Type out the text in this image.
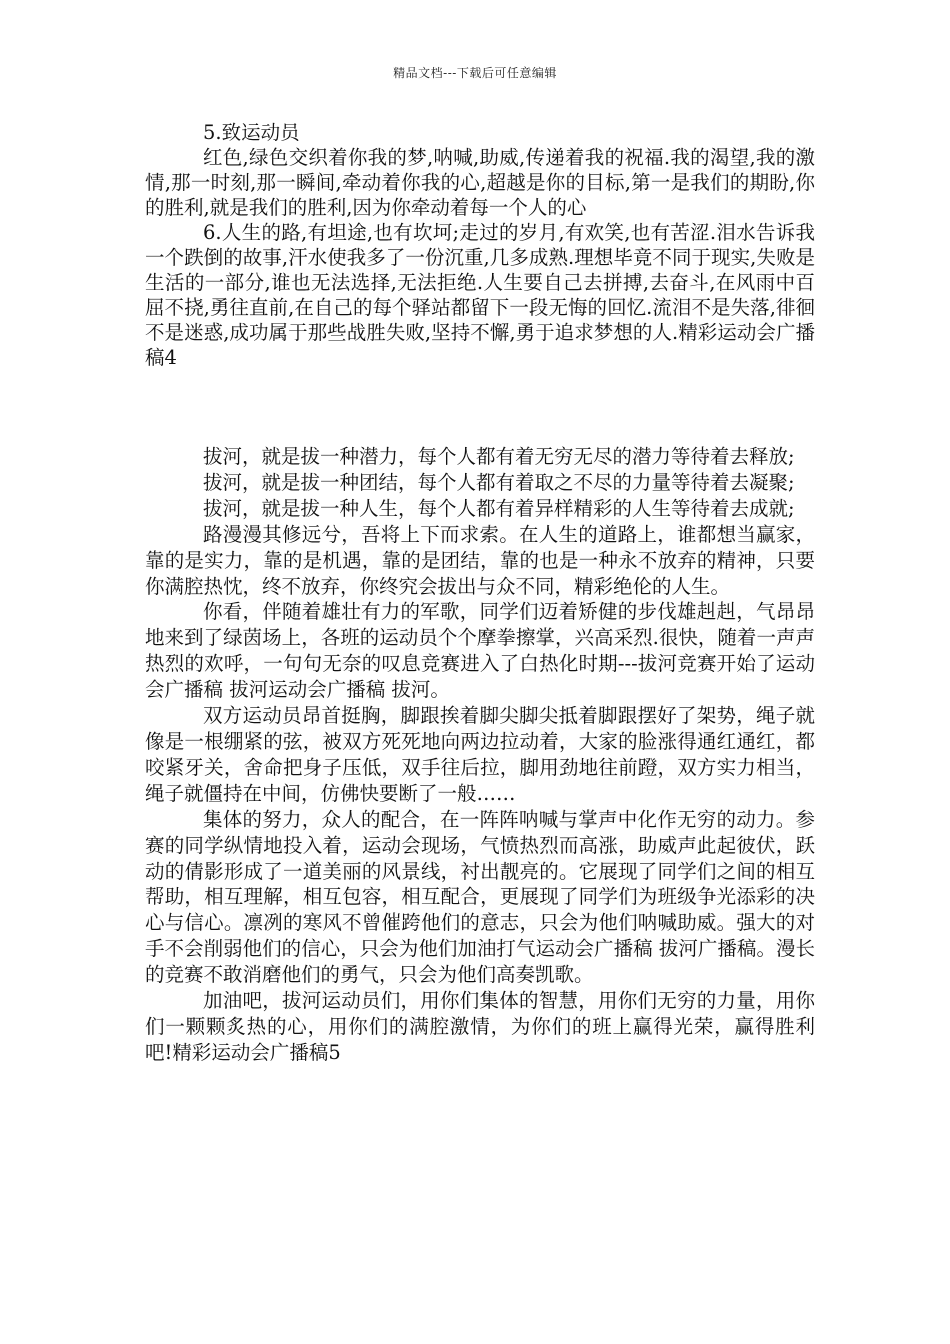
精品文档---下载后可任意编辑

5.致运动员

红色,绿色交织着你我的梦,呐喊,助威,传递着我的祝福.我的渴望,我的激情,那一时刻,那一瞬间,牵动着你我的心,超越是你的目标,第一是我们的期盼,你的胜利,就是我们的胜利,因为你牵动着每一个人的心

6.人生的路,有坦途,也有坎坷;走过的岁月,有欢笑,也有苦涩.泪水告诉我一个跌倒的故事,汗水使我多了一份沉重,几多成熟.理想毕竟不同于现实,失败是生活的一部分,谁也无法选择,无法拒绝.人生要自己去拼搏,去奋斗,在风雨中百屈不挠,勇往直前,在自己的每个驿站都留下一段无悔的回忆.流泪不是失落,徘徊不是迷惑,成功属于那些战胜失败,坚持不懈,勇于追求梦想的人.精彩运动会广播稿4

拔河，就是拔一种潜力，每个人都有着无穷无尽的潜力等待着去释放;

拔河，就是拔一种团结，每个人都有着取之不尽的力量等待着去凝聚;

拔河，就是拔一种人生，每个人都有着异样精彩的人生等待着去成就;

路漫漫其修远兮，吾将上下而求索。在人生的道路上，谁都想当赢家，靠的是实力，靠的是机遇，靠的是团结，靠的也是一种永不放弃的精神，只要你满腔热忱，终不放弃，你终究会拔出与众不同，精彩绝伦的人生。

你看，伴随着雄壮有力的军歌，同学们迈着矫健的步伐雄赳赳，气昂昂地来到了绿茵场上，各班的运动员个个摩拳擦掌，兴高采烈.很快，随着一声声热烈的欢呼，一句句无奈的叹息竞赛进入了白热化时期---拔河竞赛开始了运动会广播稿 拔河运动会广播稿 拔河。

双方运动员昂首挺胸，脚跟挨着脚尖脚尖抵着脚跟摆好了架势，绳子就像是一根绷紧的弦，被双方死死地向两边拉动着，大家的脸涨得通红通红，都咬紧牙关，舍命把身子压低，双手往后拉，脚用劲地往前蹬，双方实力相当，绳子就僵持在中间，仿佛快要断了一般……

集体的努力，众人的配合，在一阵阵呐喊与掌声中化作无穷的动力。参赛的同学纵情地投入着，运动会现场，气愤热烈而高涨，助威声此起彼伏，跃动的倩影形成了一道美丽的风景线，衬出靓亮的。它展现了同学们之间的相互帮助，相互理解，相互包容，相互配合，更展现了同学们为班级争光添彩的决心与信心。凛冽的寒风不曾催跨他们的意志，只会为他们呐喊助威。强大的对手不会削弱他们的信心，只会为他们加油打气运动会广播稿 拔河广播稿。漫长的竞赛不敢消磨他们的勇气，只会为他们高奏凯歌。

加油吧，拔河运动员们，用你们集体的智慧，用你们无穷的力量，用你们一颗颗炙热的心，用你们的满腔激情，为你们的班上赢得光荣，赢得胜利吧!精彩运动会广播稿5
